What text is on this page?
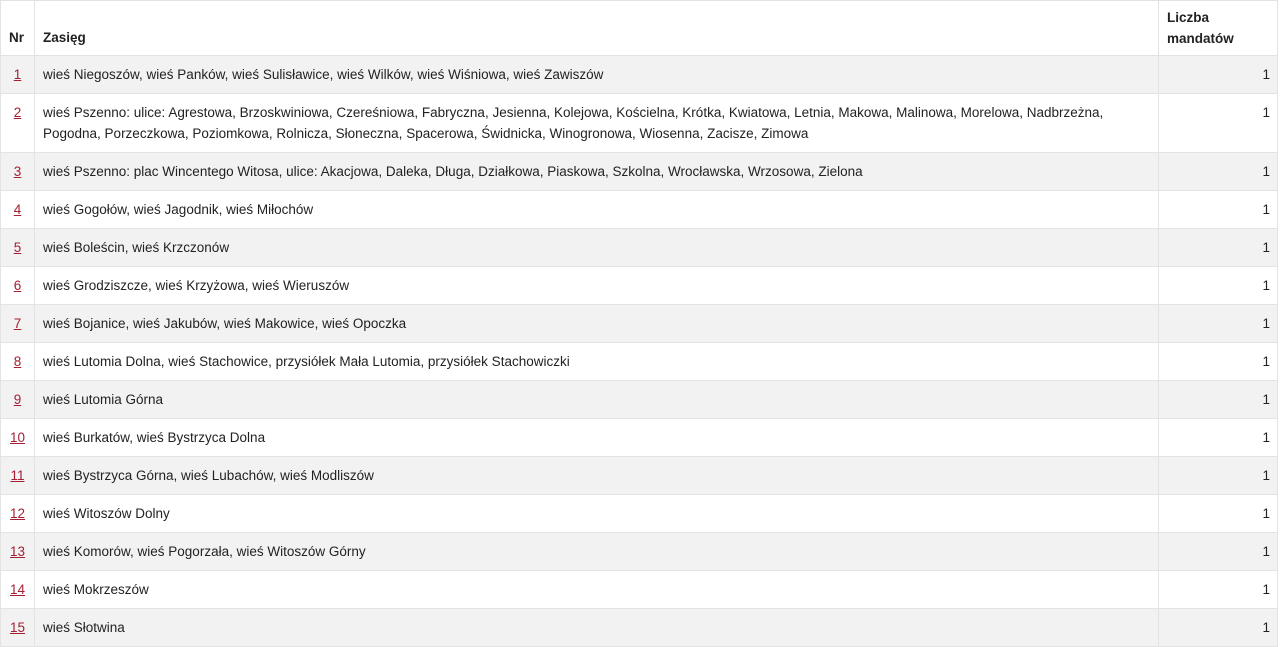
Nr	Zasięg	Liczba mandatów
1	wieś Niegoszów, wieś Panków, wieś Sulisławice, wieś Wilków, wieś Wiśniowa, wieś Zawiszów	1
2	wieś Pszenno: ulice: Agrestowa, Brzoskwiniowa, Czereśniowa, Fabryczna, Jesienna, Kolejowa, Kościelna, Krótka, Kwiatowa, Letnia, Makowa, Malinowa, Morelowa, Nadbrzeżna, Pogodna, Porzeczkowa, Poziomkowa, Rolnicza, Słoneczna, Spacerowa, Świdnicka, Winogronowa, Wiosenna, Zacisze, Zimowa	1
3	wieś Pszenno: plac Wincentego Witosa, ulice: Akacjowa, Daleka, Długa, Działkowa, Piaskowa, Szkolna, Wrocławska, Wrzosowa, Zielona	1
4	wieś Gogołów, wieś Jagodnik, wieś Miłochów	1
5	wieś Boleścin, wieś Krzczonów	1
6	wieś Grodziszcze, wieś Krzyżowa, wieś Wieruszów	1
7	wieś Bojanice, wieś Jakubów, wieś Makowice, wieś Opoczka	1
8	wieś Lutomia Dolna, wieś Stachowice, przysiółek Mała Lutomia, przysiółek Stachowiczki	1
9	wieś Lutomia Górna	1
10	wieś Burkatów, wieś Bystrzyca Dolna	1
11	wieś Bystrzyca Górna, wieś Lubachów, wieś Modliszów	1
12	wieś Witoszów Dolny	1
13	wieś Komorów, wieś Pogorzała, wieś Witoszów Górny	1
14	wieś Mokrzeszów	1
15	wieś Słotwina	1
